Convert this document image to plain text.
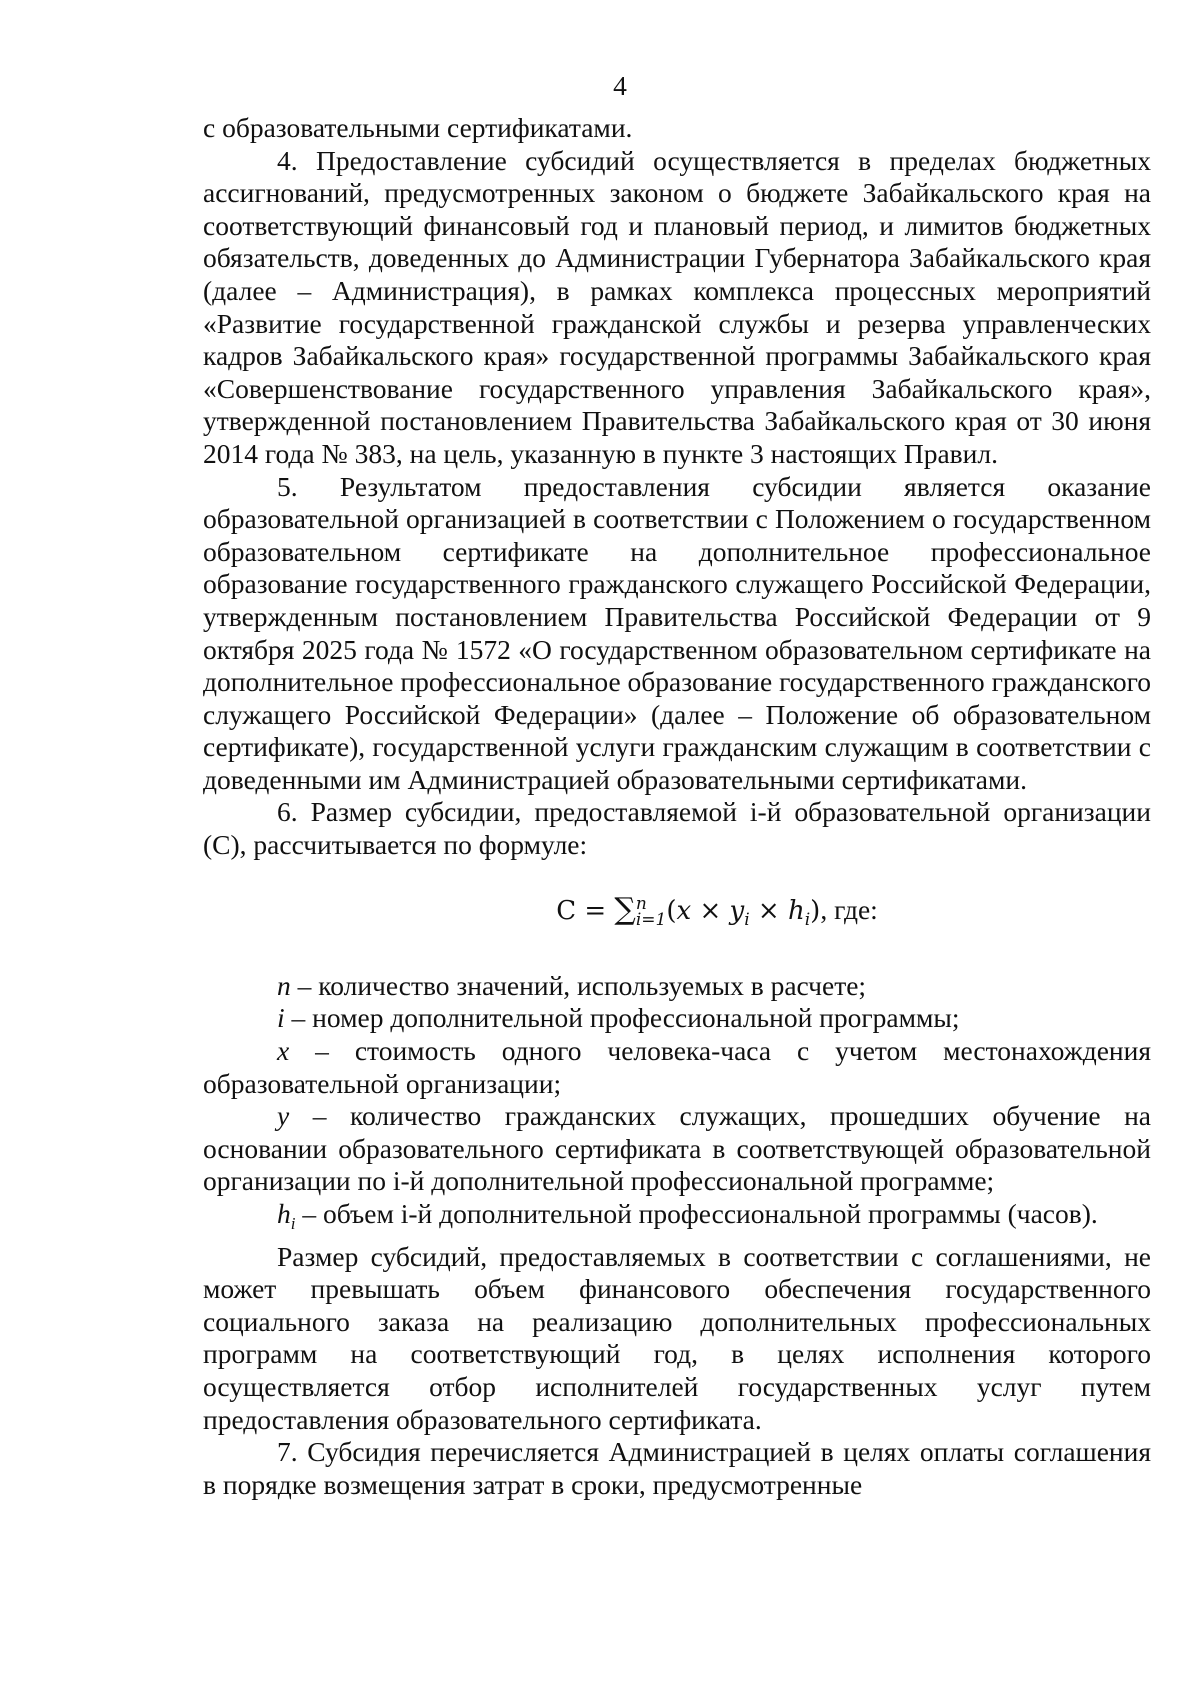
4

с образовательными сертификатами.

4. Предоставление субсидий осуществляется в пределах бюджетных ассигнований, предусмотренных законом о бюджете Забайкальского края на соответствующий финансовый год и плановый период, и лимитов бюджетных обязательств, доведенных до Администрации Губернатора Забайкальского края (далее – Администрация), в рамках комплекса процессных мероприятий «Развитие государственной гражданской службы и резерва управленческих кадров Забайкальского края» государственной программы Забайкальского края «Совершенствование государственного управления Забайкальского края», утвержденной постановлением Правительства Забайкальского края от 30 июня 2014 года № 383, на цель, указанную в пункте 3 настоящих Правил.

5. Результатом предоставления субсидии является оказание образовательной организацией в соответствии с Положением о государственном образовательном сертификате на дополнительное профессиональное образование государственного гражданского служащего Российской Федерации, утвержденным постановлением Правительства Российской Федерации от 9 октября 2025 года № 1572 «О государственном образовательном сертификате на дополнительное профессиональное образование государственного гражданского служащего Российской Федерации» (далее – Положение об образовательном сертификате), государственной услуги гражданским служащим в соответствии с доведенными им Администрацией образовательными сертификатами.

6. Размер субсидии, предоставляемой i-й образовательной организации (С), рассчитывается по формуле:

C = ∑ n
i=1 $(x \times y_i \times h_i)$, где:

n – количество значений, используемых в расчете;

i – номер дополнительной профессиональной программы;

x – стоимость одного человека-часа с учетом местонахождения образовательной организации;

y – количество гражданских служащих, прошедших обучение на основании образовательного сертификата в соответствующей образовательной организации по i-й дополнительной профессиональной программе;

$h_i$ – объем i-й дополнительной профессиональной программы (часов).

Размер субсидий, предоставляемых в соответствии с соглашениями, не может превышать объем финансового обеспечения государственного социального заказа на реализацию дополнительных профессиональных программ на соответствующий год, в целях исполнения которого осуществляется отбор исполнителей государственных услуг путем предоставления образовательного сертификата.

7. Субсидия перечисляется Администрацией в целях оплаты соглашения в порядке возмещения затрат в сроки, предусмотренные
